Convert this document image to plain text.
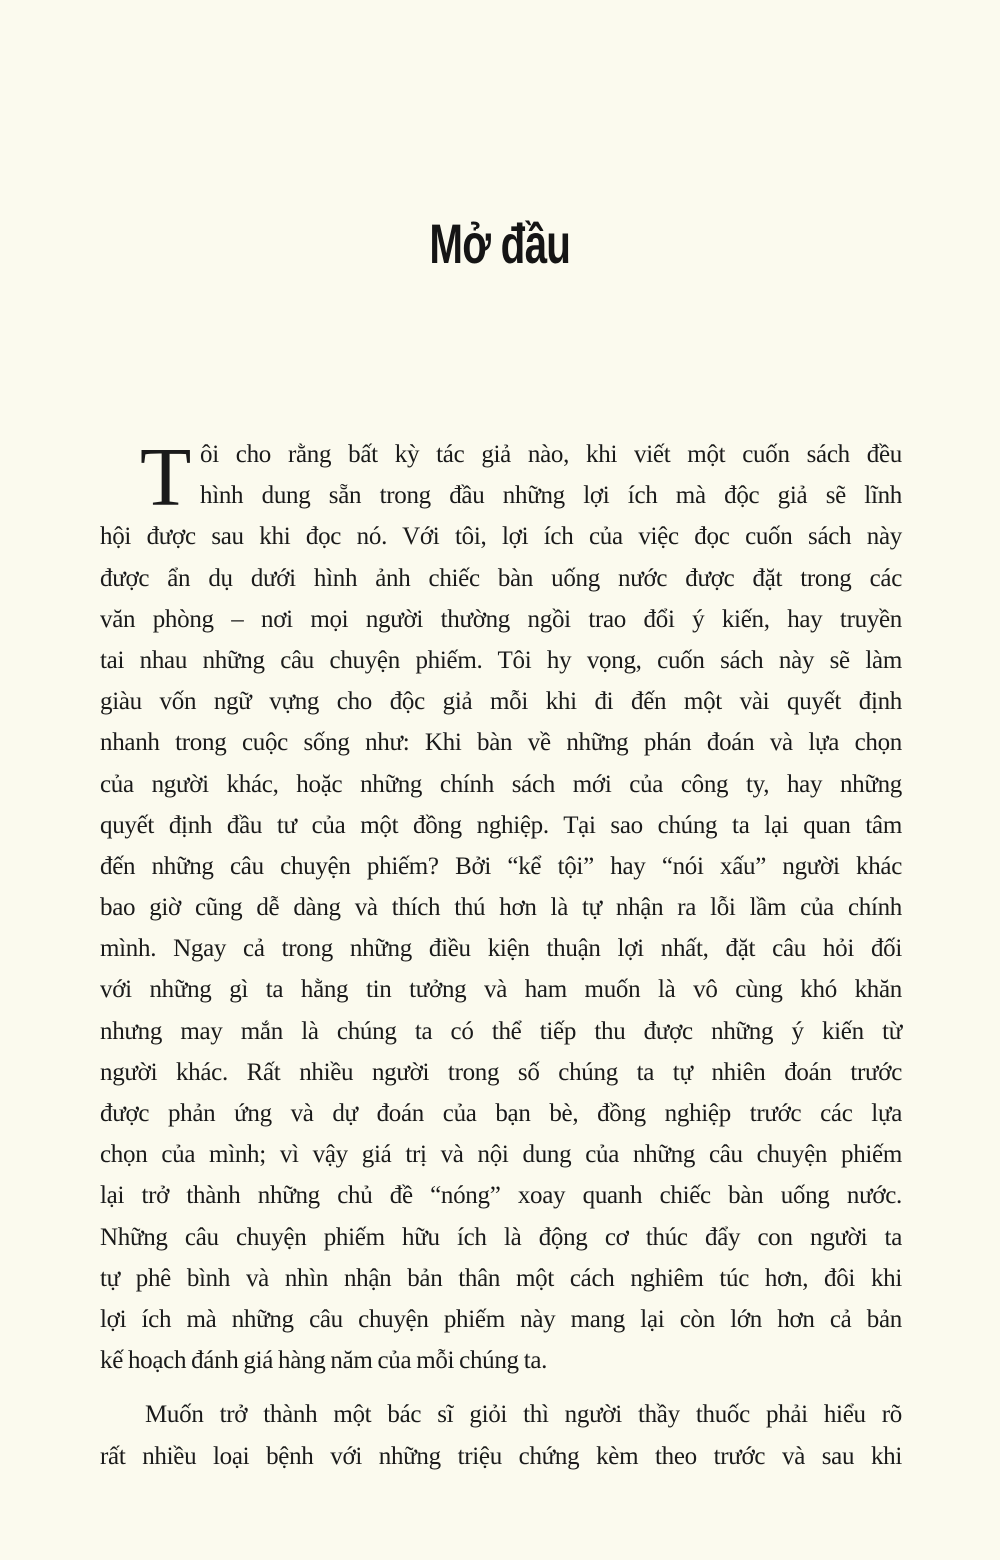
Mở đầu
T ôi cho rằng bất kỳ tác giả nào, khi viết một cuốn sách đều
hình dung sẵn trong đầu những lợi ích mà độc giả sẽ lĩnh
hội được sau khi đọc nó. Với tôi, lợi ích của việc đọc cuốn sách này
được ẩn dụ dưới hình ảnh chiếc bàn uống nước được đặt trong các
văn phòng – nơi mọi người thường ngồi trao đổi ý kiến, hay truyền
tai nhau những câu chuyện phiếm. Tôi hy vọng, cuốn sách này sẽ làm
giàu vốn ngữ vựng cho độc giả mỗi khi đi đến một vài quyết định
nhanh trong cuộc sống như: Khi bàn về những phán đoán và lựa chọn
của người khác, hoặc những chính sách mới của công ty, hay những
quyết định đầu tư của một đồng nghiệp. Tại sao chúng ta lại quan tâm
đến những câu chuyện phiếm? Bởi “kể tội” hay “nói xấu” người khác
bao giờ cũng dễ dàng và thích thú hơn là tự nhận ra lỗi lầm của chính
mình. Ngay cả trong những điều kiện thuận lợi nhất, đặt câu hỏi đối
với những gì ta hằng tin tưởng và ham muốn là vô cùng khó khăn
nhưng may mắn là chúng ta có thể tiếp thu được những ý kiến từ
người khác. Rất nhiều người trong số chúng ta tự nhiên đoán trước
được phản ứng và dự đoán của bạn bè, đồng nghiệp trước các lựa
chọn của mình; vì vậy giá trị và nội dung của những câu chuyện phiếm
lại trở thành những chủ đề “nóng” xoay quanh chiếc bàn uống nước.
Những câu chuyện phiếm hữu ích là động cơ thúc đẩy con người ta
tự phê bình và nhìn nhận bản thân một cách nghiêm túc hơn, đôi khi
lợi ích mà những câu chuyện phiếm này mang lại còn lớn hơn cả bản
kế hoạch đánh giá hàng năm của mỗi chúng ta.
Muốn trở thành một bác sĩ giỏi thì người thầy thuốc phải hiểu rõ
rất nhiều loại bệnh với những triệu chứng kèm theo trước và sau khi
